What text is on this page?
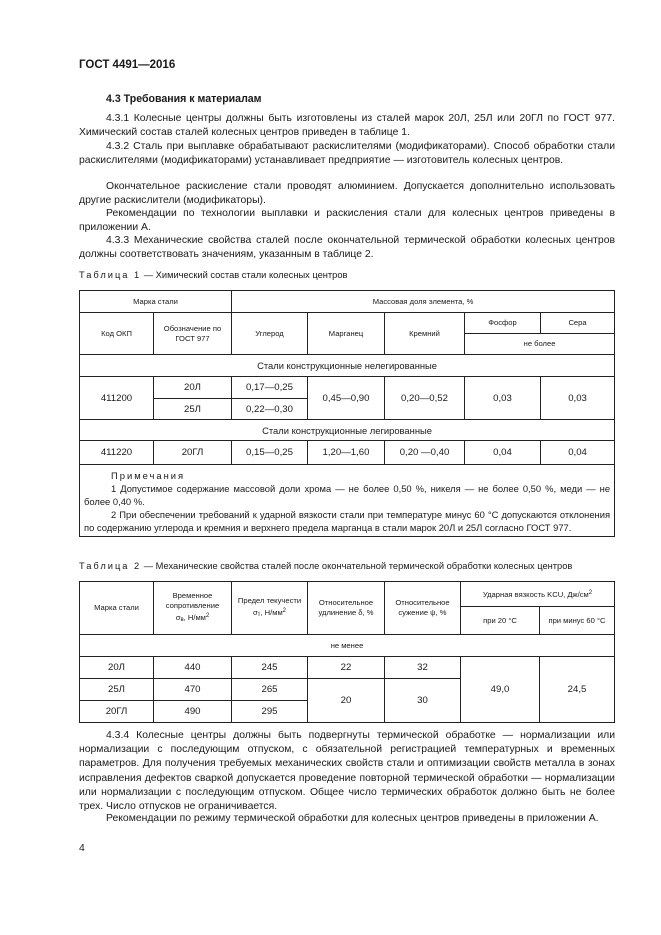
ГОСТ 4491—2016
4.3 Требования к материалам

4.3.1 Колесные центры должны быть изготовлены из сталей марок 20Л, 25Л или 20ГЛ по ГОСТ 977. Химический состав сталей колесных центров приведен в таблице 1.

4.3.2 Сталь при выплавке обрабатывают раскислителями (модификаторами). Способ обработки стали раскислителями (модификаторами) устанавливает предприятие — изготовитель колесных центров.

Окончательное раскисление стали проводят алюминием. Допускается дополнительно использовать другие раскислители (модификаторы).

Рекомендации по технологии выплавки и раскисления стали для колесных центров приведены в приложении А.

4.3.3 Механические свойства сталей после окончательной термической обработки колесных центров должны соответствовать значениям, указанным в таблице 2.

Таблица 1 — Химический состав стали колесных центров
Марка стали		Массовая доля элемента, %				
Код ОКП	Обозначение по ГОСТ 977	Углерод	Марганец	Кремний	Фосфор	Сера
					не более	
Стали конструкционные нелегированные						
411200	20Л	0,17—0,25	0,45—0,90	0,20—0,52	0,03	0,03
	25Л	0,22—0,30				
Стали конструкционные легированные						
411220	20ГЛ	0,15—0,25	1,20—1,60	0,20 —0,40	0,04	0,04

Примечания

1 Допустимое содержание массовой доли хрома — не более 0,50 %, никеля — не более 0,50 %, меди — не более 0,40 %.

2 При обеспечении требований к ударной вязкости стали при температуре минус 60 °С допускаются отклонения по содержанию углерода и кремния и верхнего предела марганца в стали марок 20Л и 25Л согласно ГОСТ 977.						

Таблица 2 — Механические свойства сталей после окончательной термической обработки колесных центров
Марка стали	Временное сопротивление
$\sigma_в$, $Н/мм^2$	Предел текучести
$\sigma_т$, $Н/мм^2$	Относительное удлинение δ, %	Относительное сужение ψ, %	Ударная вязкость KCU, $Дж/см^2$
					при 20 °С	при минус 60 °С
не менее						
20Л	440	245	22	32	49,0	24,5
25Л	470	265	20	30		
20ГЛ	490	295				

4.3.4 Колесные центры должны быть подвергнуты термической обработке — нормализации или нормализации с последующим отпуском, с обязательной регистрацией температурных и временных параметров. Для получения требуемых механических свойств стали и оптимизации свойств металла в зонах исправления дефектов сваркой допускается проведение повторной термической обработки — нормализации или нормализации с последующим отпуском. Общее число термических обработок должно быть не более трех. Число отпусков не ограничивается.

Рекомендации по режиму термической обработки для колесных центров приведены в приложении А.

4
